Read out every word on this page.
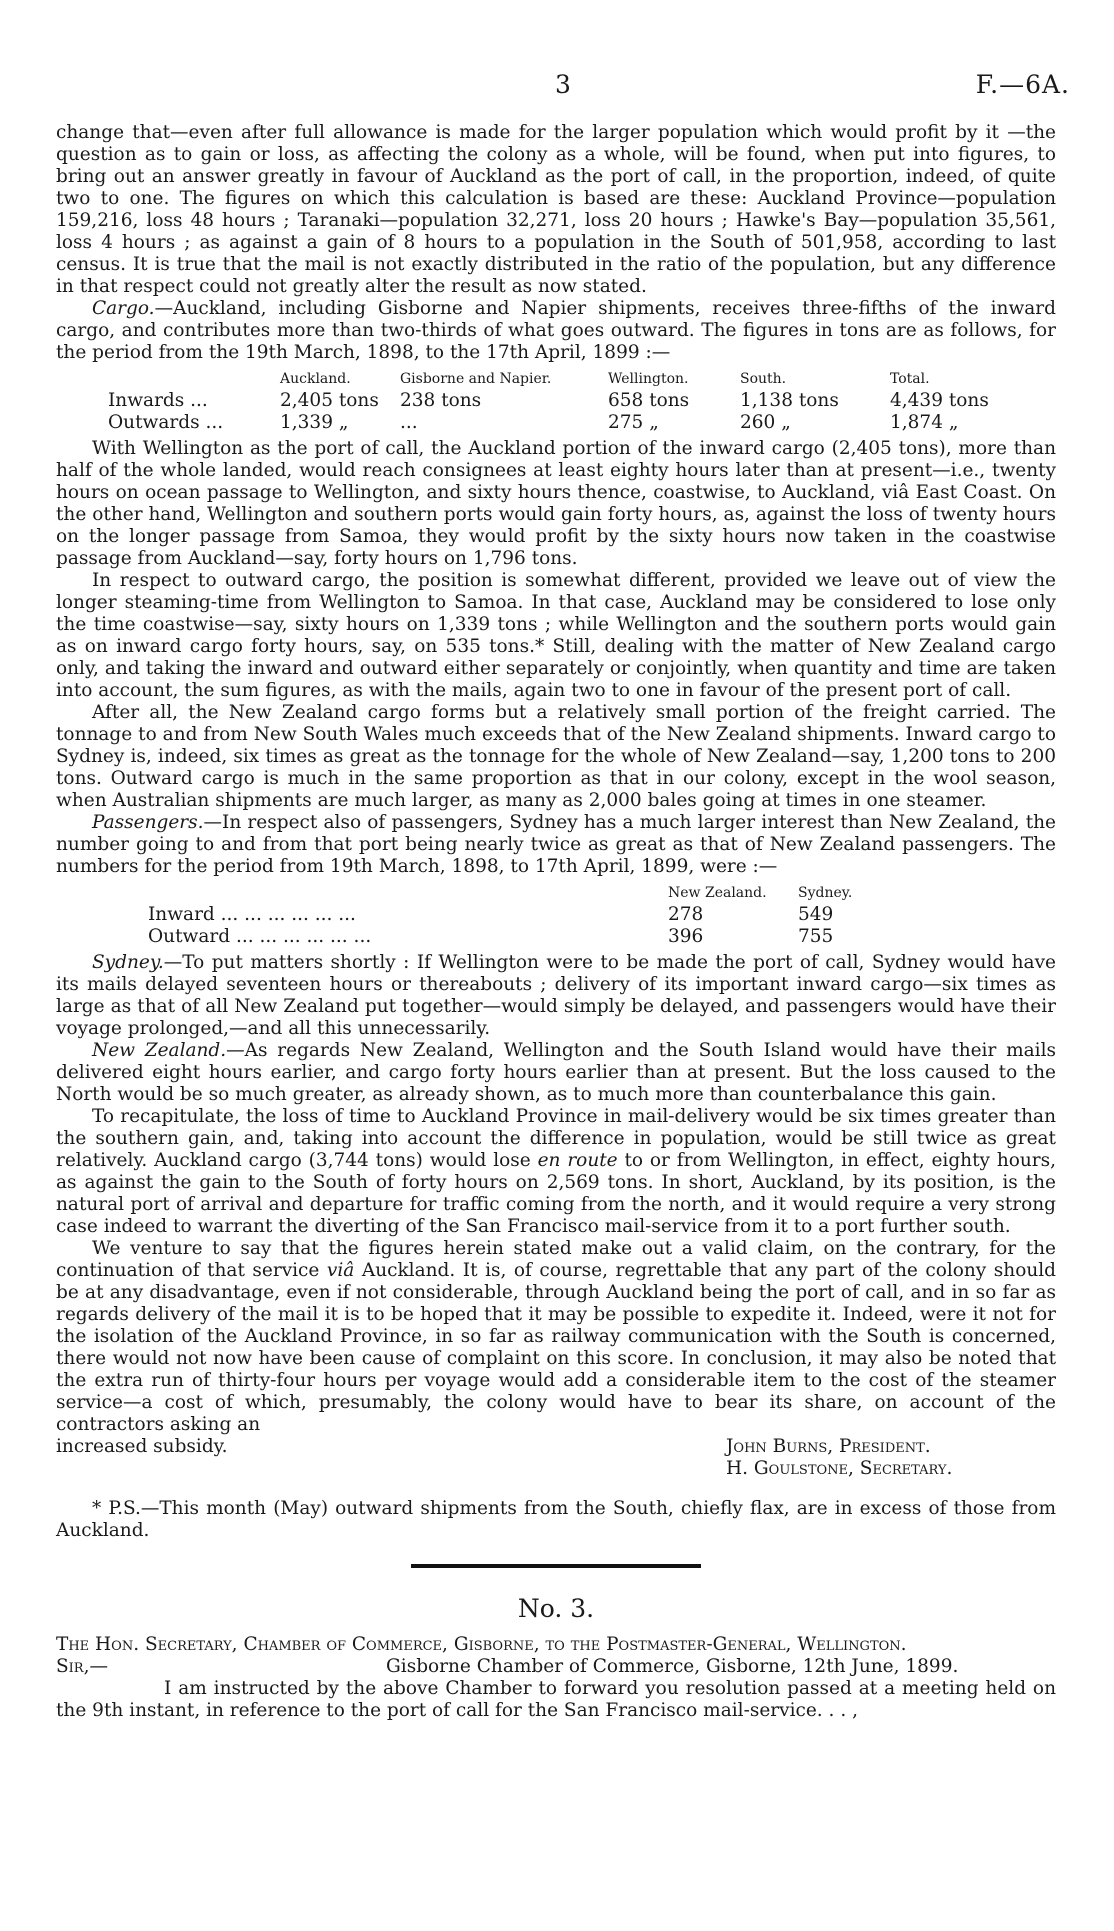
3	F.—6A.

change that—even after full allowance is made for the larger population which would profit by it —the question as to gain or loss, as affecting the colony as a whole, will be found, when put into figures, to bring out an answer greatly in favour of Auckland as the port of call, in the proportion, indeed, of quite two to one. The figures on which this calculation is based are these: Auckland Province—population 159,216, loss 48 hours ; Taranaki—population 32,271, loss 20 hours ; Hawke's Bay—population 35,561, loss 4 hours ; as against a gain of 8 hours to a population in the South of 501,958, according to last census. It is true that the mail is not exactly distributed in the ratio of the population, but any difference in that respect could not greatly alter the result as now stated.

Cargo.—Auckland, including Gisborne and Napier shipments, receives three-fifths of the inward cargo, and contributes more than two-thirds of what goes outward. The figures in tons are as follows, for the period from the 19th March, 1898, to the 17th April, 1899 :—

	Auckland.	Gisborne and Napier.	Wellington.	South.	Total.
Inwards ...	2,405 tons	238 tons	658 tons	1,138 tons	4,439 tons
Outwards ...	1,339 „	...	275 „	260 „	1,874 „

With Wellington as the port of call, the Auckland portion of the inward cargo (2,405 tons), more than half of the whole landed, would reach consignees at least eighty hours later than at present—i.e., twenty hours on ocean passage to Wellington, and sixty hours thence, coastwise, to Auckland, viâ East Coast. On the other hand, Wellington and southern ports would gain forty hours, as, against the loss of twenty hours on the longer passage from Samoa, they would profit by the sixty hours now taken in the coastwise passage from Auckland—say, forty hours on 1,796 tons.

In respect to outward cargo, the position is somewhat different, provided we leave out of view the longer steaming-time from Wellington to Samoa. In that case, Auckland may be considered to lose only the time coastwise—say, sixty hours on 1,339 tons ; while Wellington and the southern ports would gain as on inward cargo forty hours, say, on 535 tons.* Still, dealing with the matter of New Zealand cargo only, and taking the inward and outward either separately or conjointly, when quantity and time are taken into account, the sum figures, as with the mails, again two to one in favour of the present port of call.

After all, the New Zealand cargo forms but a relatively small portion of the freight carried. The tonnage to and from New South Wales much exceeds that of the New Zealand shipments. Inward cargo to Sydney is, indeed, six times as great as the tonnage for the whole of New Zealand—say, 1,200 tons to 200 tons. Outward cargo is much in the same proportion as that in our colony, except in the wool season, when Australian shipments are much larger, as many as 2,000 bales going at times in one steamer.

Passengers.—In respect also of passengers, Sydney has a much larger interest than New Zealand, the number going to and from that port being nearly twice as great as that of New Zealand passengers. The numbers for the period from 19th March, 1898, to 17th April, 1899, were :—

	New Zealand.	Sydney.
Inward ... ... ... ... ... ...	278	549
Outward ... ... ... ... ... ...	396	755

Sydney.—To put matters shortly : If Wellington were to be made the port of call, Sydney would have its mails delayed seventeen hours or thereabouts ; delivery of its important inward cargo—six times as large as that of all New Zealand put together—would simply be delayed, and passengers would have their voyage prolonged,—and all this unnecessarily.

New Zealand.—As regards New Zealand, Wellington and the South Island would have their mails delivered eight hours earlier, and cargo forty hours earlier than at present. But the loss caused to the North would be so much greater, as already shown, as to much more than counterbalance this gain.

To recapitulate, the loss of time to Auckland Province in mail-delivery would be six times greater than the southern gain, and, taking into account the difference in population, would be still twice as great relatively. Auckland cargo (3,744 tons) would lose en route to or from Wellington, in effect, eighty hours, as against the gain to the South of forty hours on 2,569 tons. In short, Auckland, by its position, is the natural port of arrival and departure for traffic coming from the north, and it would require a very strong case indeed to warrant the diverting of the San Francisco mail-service from it to a port further south.

We venture to say that the figures herein stated make out a valid claim, on the contrary, for the continuation of that service viâ Auckland. It is, of course, regrettable that any part of the colony should be at any disadvantage, even if not considerable, through Auckland being the port of call, and in so far as regards delivery of the mail it is to be hoped that it may be possible to expedite it. Indeed, were it not for the isolation of the Auckland Province, in so far as railway communication with the South is concerned, there would not now have been cause of complaint on this score. In conclusion, it may also be noted that the extra run of thirty-four hours per voyage would add a considerable item to the cost of the steamer service—a cost of which, presumably, the colony would have to bear its share, on account of the contractors asking an

increased subsidy.	John Burns, President.
H. Goulstone, Secretary.

* P.S.—This month (May) outward shipments from the South, chiefly flax, are in excess of those from Auckland.

No. 3.

The Hon. Secretary, Chamber of Commerce, Gisborne, to the Postmaster-General, Wellington.

Sir,—	Gisborne Chamber of Commerce, Gisborne, 12th June, 1899.

I am instructed by the above Chamber to forward you resolution passed at a meeting held on the 9th instant, in reference to the port of call for the San Francisco mail-service. . . ,
